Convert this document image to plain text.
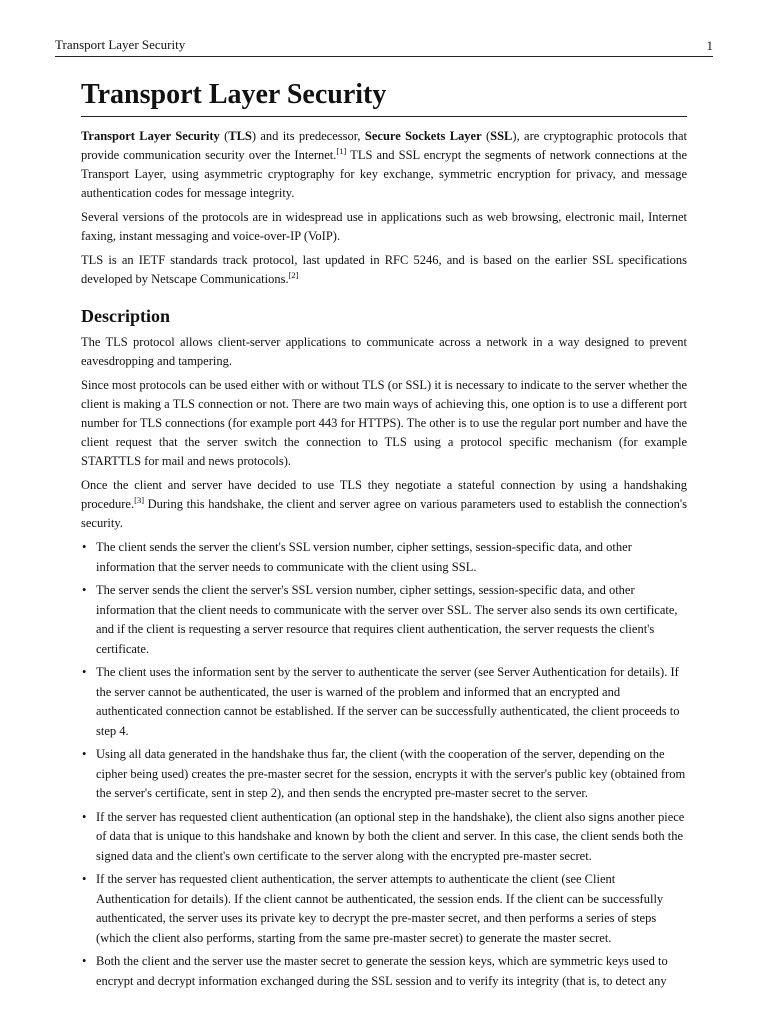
Transport Layer Security	1
Transport Layer Security

Transport Layer Security (TLS) and its predecessor, Secure Sockets Layer (SSL), are cryptographic protocols that provide communication security over the Internet.[1] TLS and SSL encrypt the segments of network connections at the Transport Layer, using asymmetric cryptography for key exchange, symmetric encryption for privacy, and message authentication codes for message integrity.

Several versions of the protocols are in widespread use in applications such as web browsing, electronic mail, Internet faxing, instant messaging and voice-over-IP (VoIP).

TLS is an IETF standards track protocol, last updated in RFC 5246, and is based on the earlier SSL specifications developed by Netscape Communications.[2]

Description

The TLS protocol allows client-server applications to communicate across a network in a way designed to prevent eavesdropping and tampering.

Since most protocols can be used either with or without TLS (or SSL) it is necessary to indicate to the server whether the client is making a TLS connection or not. There are two main ways of achieving this, one option is to use a different port number for TLS connections (for example port 443 for HTTPS). The other is to use the regular port number and have the client request that the server switch the connection to TLS using a protocol specific mechanism (for example STARTTLS for mail and news protocols).

Once the client and server have decided to use TLS they negotiate a stateful connection by using a handshaking procedure.[3] During this handshake, the client and server agree on various parameters used to establish the connection's security.

• The client sends the server the client's SSL version number, cipher settings, session-specific data, and other information that the server needs to communicate with the client using SSL.
• The server sends the client the server's SSL version number, cipher settings, session-specific data, and other information that the client needs to communicate with the server over SSL. The server also sends its own certificate, and if the client is requesting a server resource that requires client authentication, the server requests the client's certificate.
• The client uses the information sent by the server to authenticate the server (see Server Authentication for details). If the server cannot be authenticated, the user is warned of the problem and informed that an encrypted and authenticated connection cannot be established. If the server can be successfully authenticated, the client proceeds to step 4.
• Using all data generated in the handshake thus far, the client (with the cooperation of the server, depending on the cipher being used) creates the pre-master secret for the session, encrypts it with the server's public key (obtained from the server's certificate, sent in step 2), and then sends the encrypted pre-master secret to the server.
• If the server has requested client authentication (an optional step in the handshake), the client also signs another piece of data that is unique to this handshake and known by both the client and server. In this case, the client sends both the signed data and the client's own certificate to the server along with the encrypted pre-master secret.
• If the server has requested client authentication, the server attempts to authenticate the client (see Client Authentication for details). If the client cannot be authenticated, the session ends. If the client can be successfully authenticated, the server uses its private key to decrypt the pre-master secret, and then performs a series of steps (which the client also performs, starting from the same pre-master secret) to generate the master secret.
• Both the client and the server use the master secret to generate the session keys, which are symmetric keys used to encrypt and decrypt information exchanged during the SSL session and to verify its integrity (that is, to detect any
